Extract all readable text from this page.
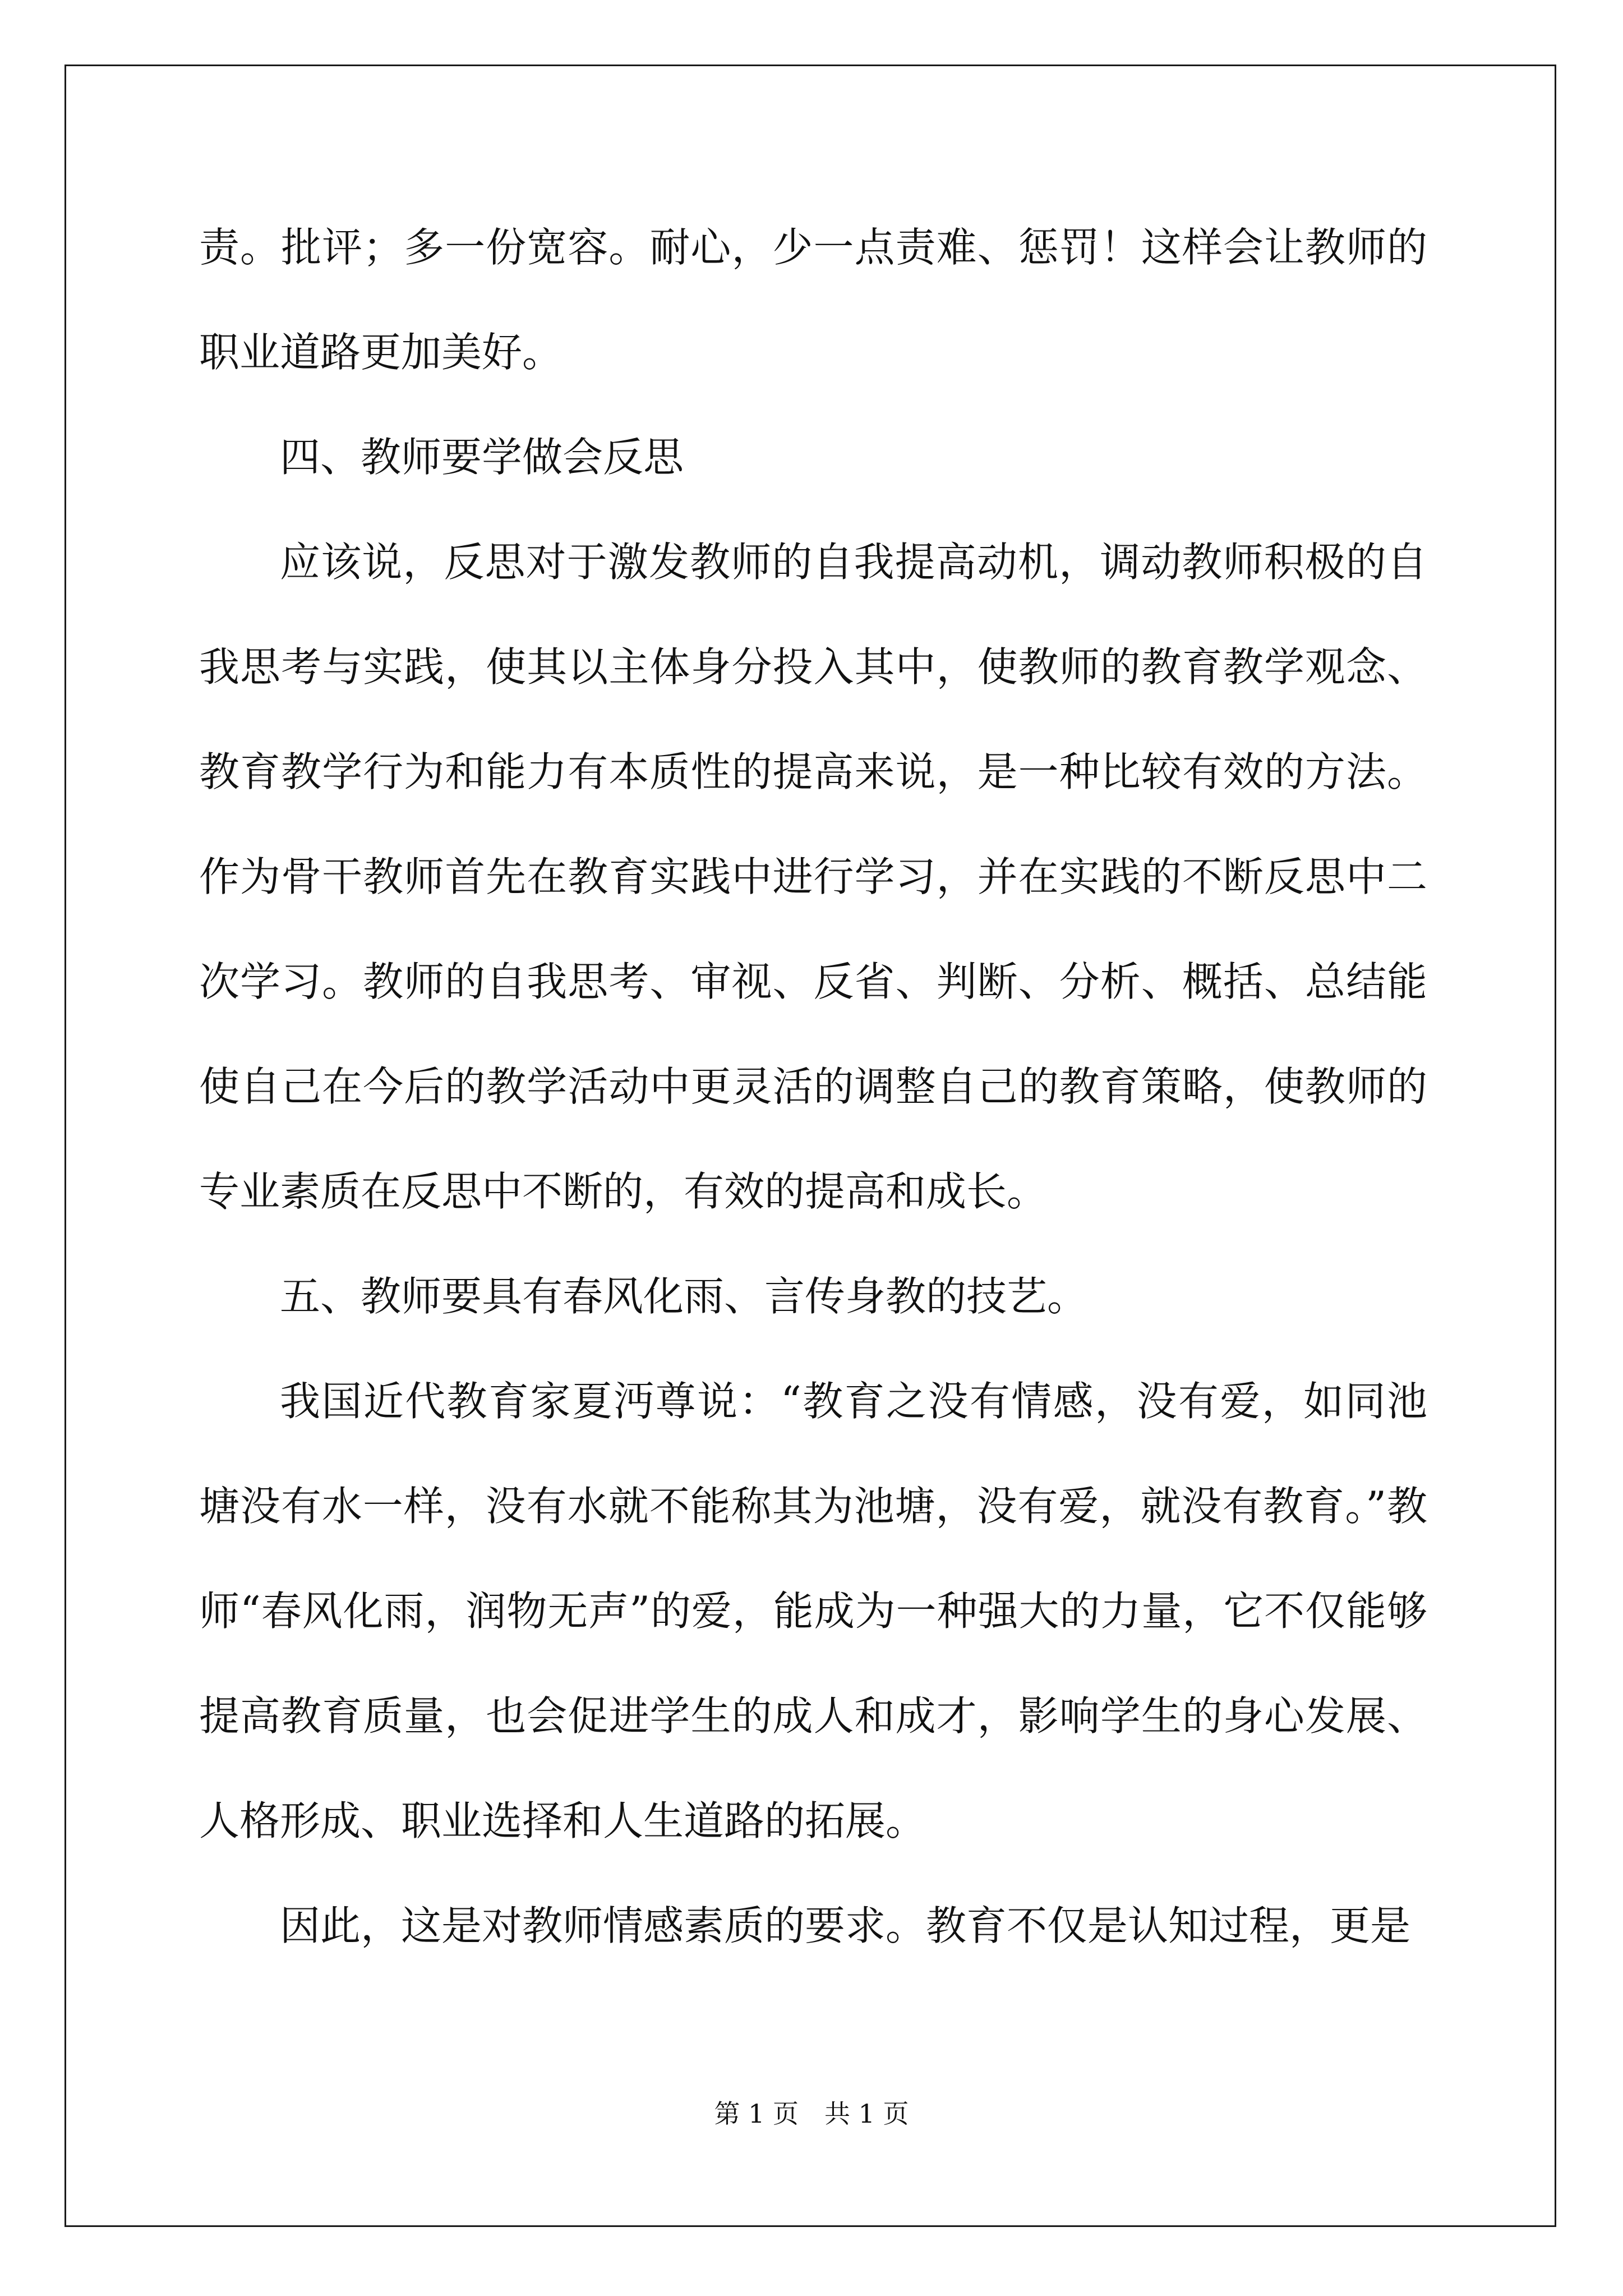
责。批评；多一份宽容。耐心，少一点责难、惩罚！这样会让教师的职业道路更加美好。

四、教师要学做会反思

应该说，反思对于激发教师的自我提高动机，调动教师积极的自我思考与实践，使其以主体身分投入其中，使教师的教育教学观念、教育教学行为和能力有本质性的提高来说，是一种比较有效的方法。作为骨干教师首先在教育实践中进行学习，并在实践的不断反思中二次学习。教师的自我思考、审视、反省、判断、分析、概括、总结能使自己在今后的教学活动中更灵活的调整自己的教育策略，使教师的专业素质在反思中不断的，有效的提高和成长。

五、教师要具有春风化雨、言传身教的技艺。

我国近代教育家夏沔尊说：“教育之没有情感，没有爱，如同池塘没有水一样，没有水就不能称其为池塘，没有爱，就没有教育。”教师“春风化雨，润物无声”的爱，能成为一种强大的力量，它不仅能够提高教育质量，也会促进学生的成人和成才，影响学生的身心发展、人格形成、职业选择和人生道路的拓展。

因此，这是对教师情感素质的要求。教育不仅是认知过程，更是

第 1 页　共 1 页
